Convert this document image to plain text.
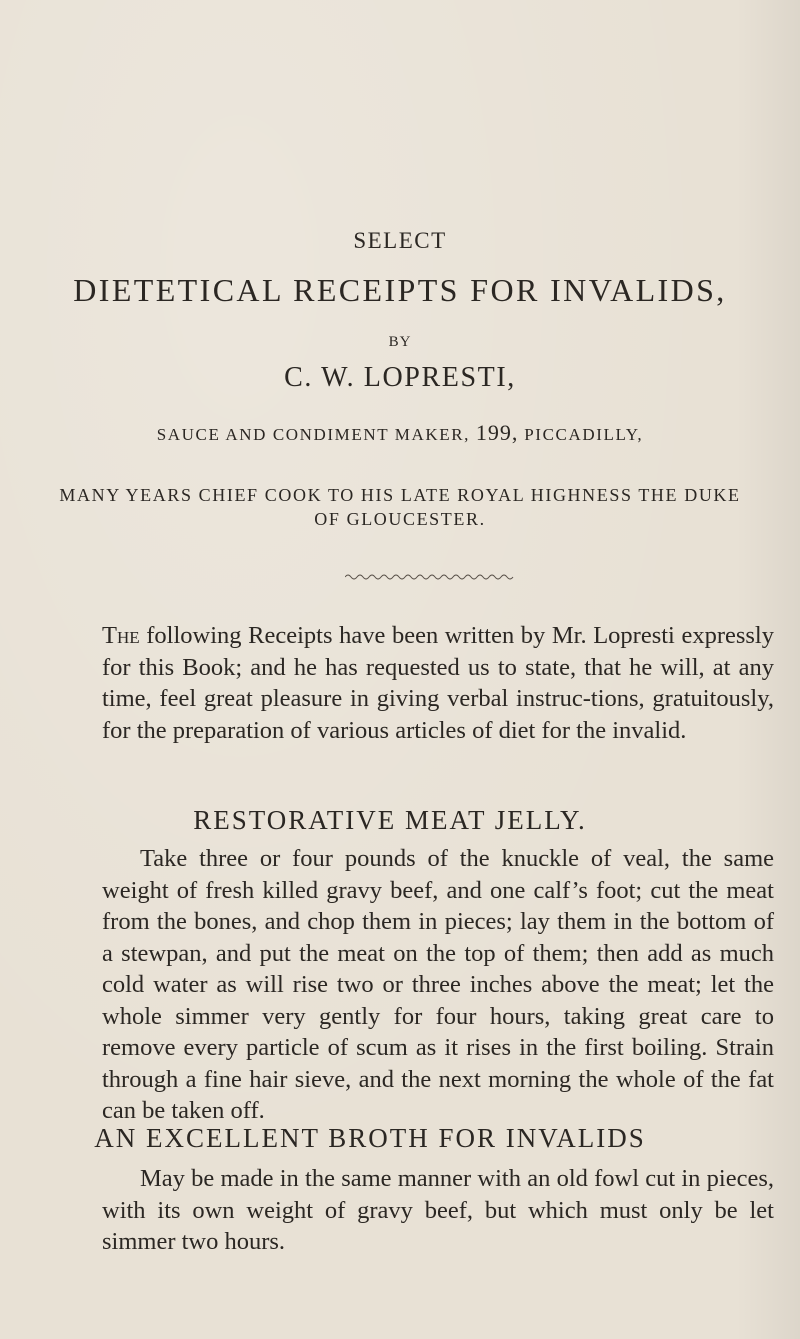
SELECT
DIETETICAL RECEIPTS FOR INVALIDS,
BY
C. W. LOPRESTI,
SAUCE AND CONDIMENT MAKER, 199, PICCADILLY,
MANY YEARS CHIEF COOK TO HIS LATE ROYAL HIGHNESS THE DUKE
OF GLOUCESTER.

The following Receipts have been written by Mr. Lopresti expressly for this Book; and he has requested us to state, that he will, at any time, feel great pleasure in giving verbal instruc-tions, gratuitously, for the preparation of various articles of diet for the invalid.

RESTORATIVE MEAT JELLY.

Take three or four pounds of the knuckle of veal, the same weight of fresh killed gravy beef, and one calf’s foot; cut the meat from the bones, and chop them in pieces; lay them in the bottom of a stewpan, and put the meat on the top of them; then add as much cold water as will rise two or three inches above the meat; let the whole simmer very gently for four hours, taking great care to remove every particle of scum as it rises in the first boiling. Strain through a fine hair sieve, and the next morning the whole of the fat can be taken off.

AN EXCELLENT BROTH FOR INVALIDS

May be made in the same manner with an old fowl cut in pieces, with its own weight of gravy beef, but which must only be let simmer two hours.
